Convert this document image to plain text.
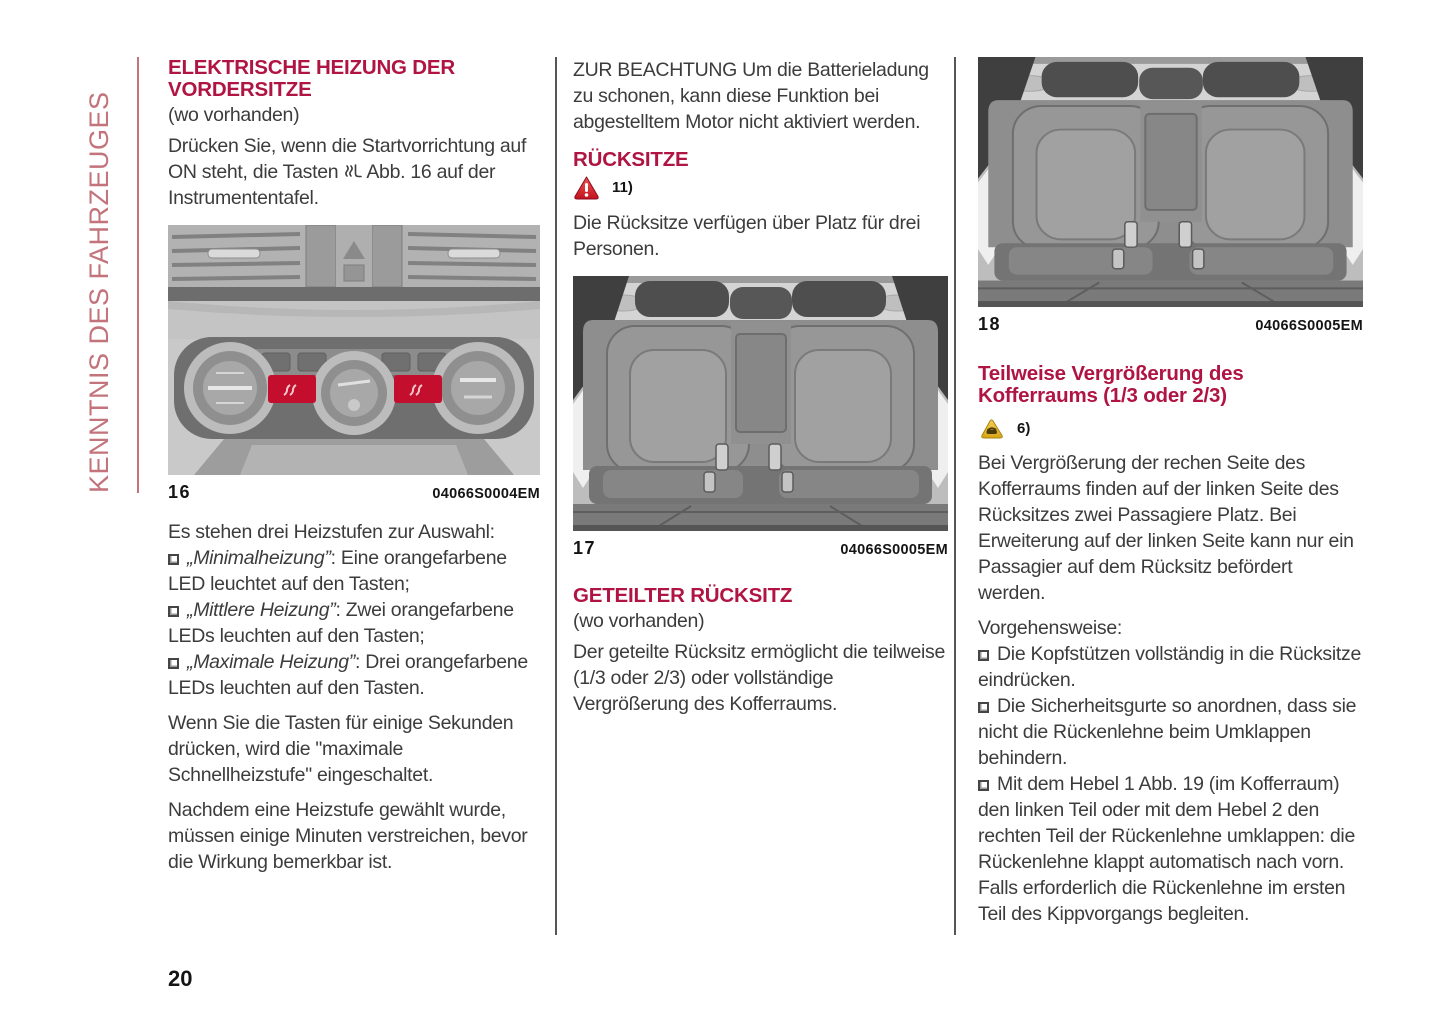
KENNTNIS DES FAHRZEUGES
ELEKTRISCHE HEIZUNG DER VORDERSITZE
(wo vorhanden)

Drücken Sie, wenn die Startvorrichtung auf ON steht, die Tasten Abb. 16 auf der Instrumententafel.

16	04066S0004EM

Es stehen drei Heizstufen zur Auswahl:

„Minimalheizung”: Eine orangefarbene LED leuchtet auf den Tasten;

„Mittlere Heizung”: Zwei orangefarbene LEDs leuchten auf den Tasten;

„Maximale Heizung”: Drei orangefarbene LEDs leuchten auf den Tasten.

Wenn Sie die Tasten für einige Sekunden drücken, wird die "maximale Schnellheizstufe" eingeschaltet.

Nachdem eine Heizstufe gewählt wurde, müssen einige Minuten verstreichen, bevor die Wirkung bemerkbar ist.

ZUR BEACHTUNG Um die Batterieladung zu schonen, kann diese Funktion bei abgestelltem Motor nicht aktiviert werden.

RÜCKSITZE
11)

Die Rücksitze verfügen über Platz für drei Personen.

17	04066S0005EM
GETEILTER RÜCKSITZ
(wo vorhanden)

Der geteilte Rücksitz ermöglicht die teilweise (1/3 oder 2/3) oder vollständige Vergrößerung des Kofferraums.

18	04066S0005EM
Teilweise Vergrößerung des Kofferraums (1/3 oder 2/3)
6)

Bei Vergrößerung der rechen Seite des Kofferraums finden auf der linken Seite des Rücksitzes zwei Passagiere Platz. Bei Erweiterung auf der linken Seite kann nur ein Passagier auf dem Rücksitz befördert werden.

Vorgehensweise:

Die Kopfstützen vollständig in die Rücksitze eindrücken.

Die Sicherheitsgurte so anordnen, dass sie nicht die Rückenlehne beim Umklappen behindern.

Mit dem Hebel 1 Abb. 19 (im Kofferraum) den linken Teil oder mit dem Hebel 2 den rechten Teil der Rückenlehne umklappen: die Rückenlehne klappt automatisch nach vorn. Falls erforderlich die Rückenlehne im ersten Teil des Kippvorgangs begleiten.

20
